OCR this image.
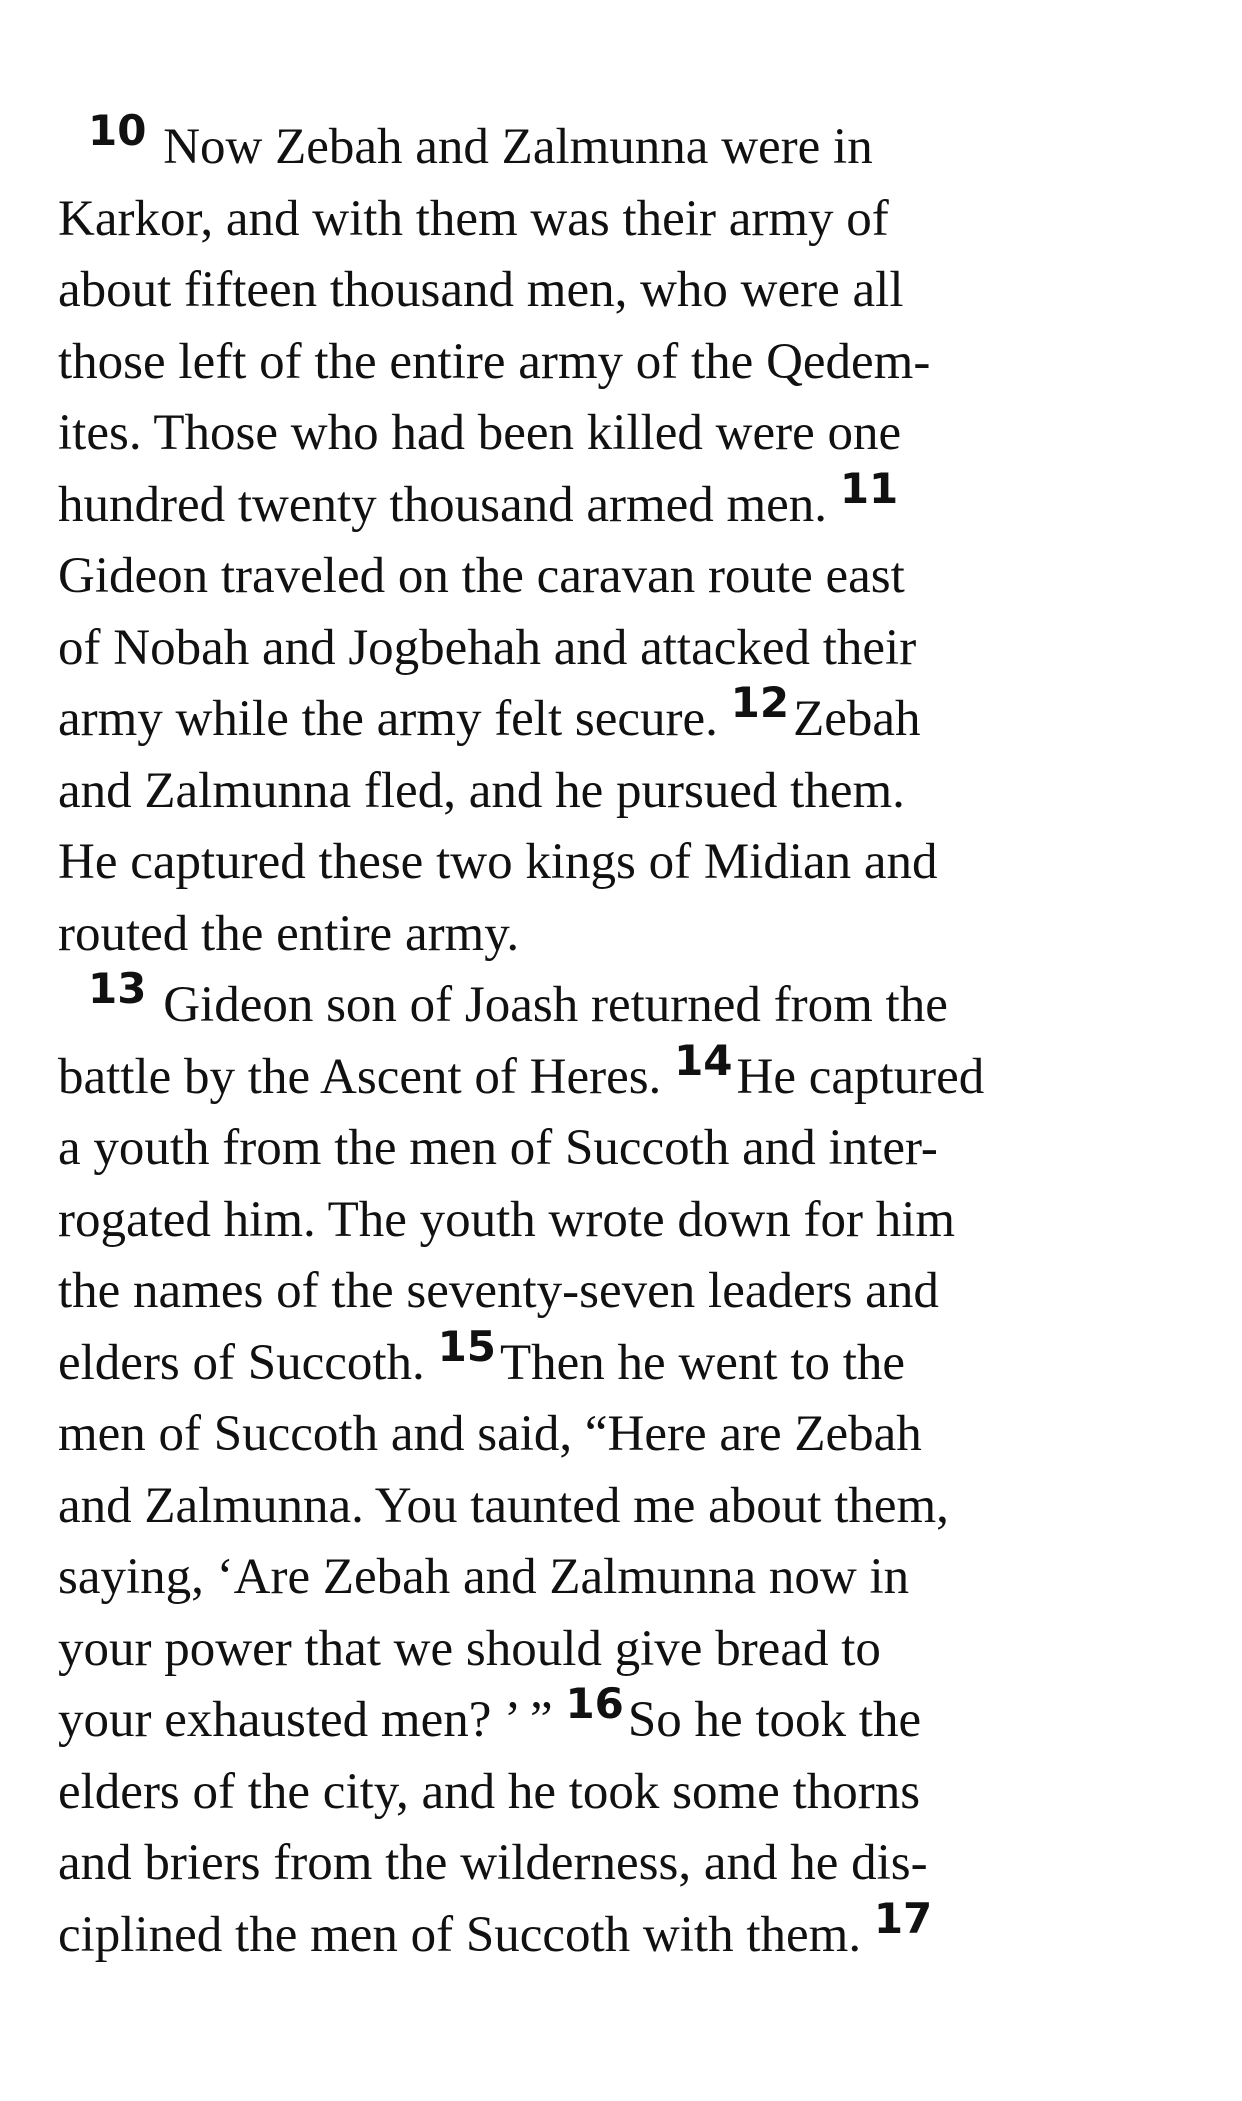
$^{10}$ Now Zebah and Zalmunna were in
Karkor, and with them was their army of
about fifteen thousand men, who were all
those left of the entire army of the Qedem-
ites. Those who had been killed were one
hundred twenty thousand armed men. $^{11}$
Gideon traveled on the caravan route east
of Nobah and Jogbehah and attacked their
army while the army felt secure. $^{12}$Zebah
and Zalmunna fled, and he pursued them.
He captured these two kings of Midian and
routed the entire army.
$^{13}$ Gideon son of Joash returned from the
battle by the Ascent of Heres. $^{14}$He captured
a youth from the men of Succoth and inter-
rogated him. The youth wrote down for him
the names of the seventy-seven leaders and
elders of Succoth. $^{15}$Then he went to the
men of Succoth and said, “Here are Zebah
and Zalmunna. You taunted me about them,
saying, ‘Are Zebah and Zalmunna now in
your power that we should give bread to
your exhausted men? ’ ” $^{16}$So he took the
elders of the city, and he took some thorns
and briers from the wilderness, and he dis-
ciplined the men of Succoth with them. $^{17}$
